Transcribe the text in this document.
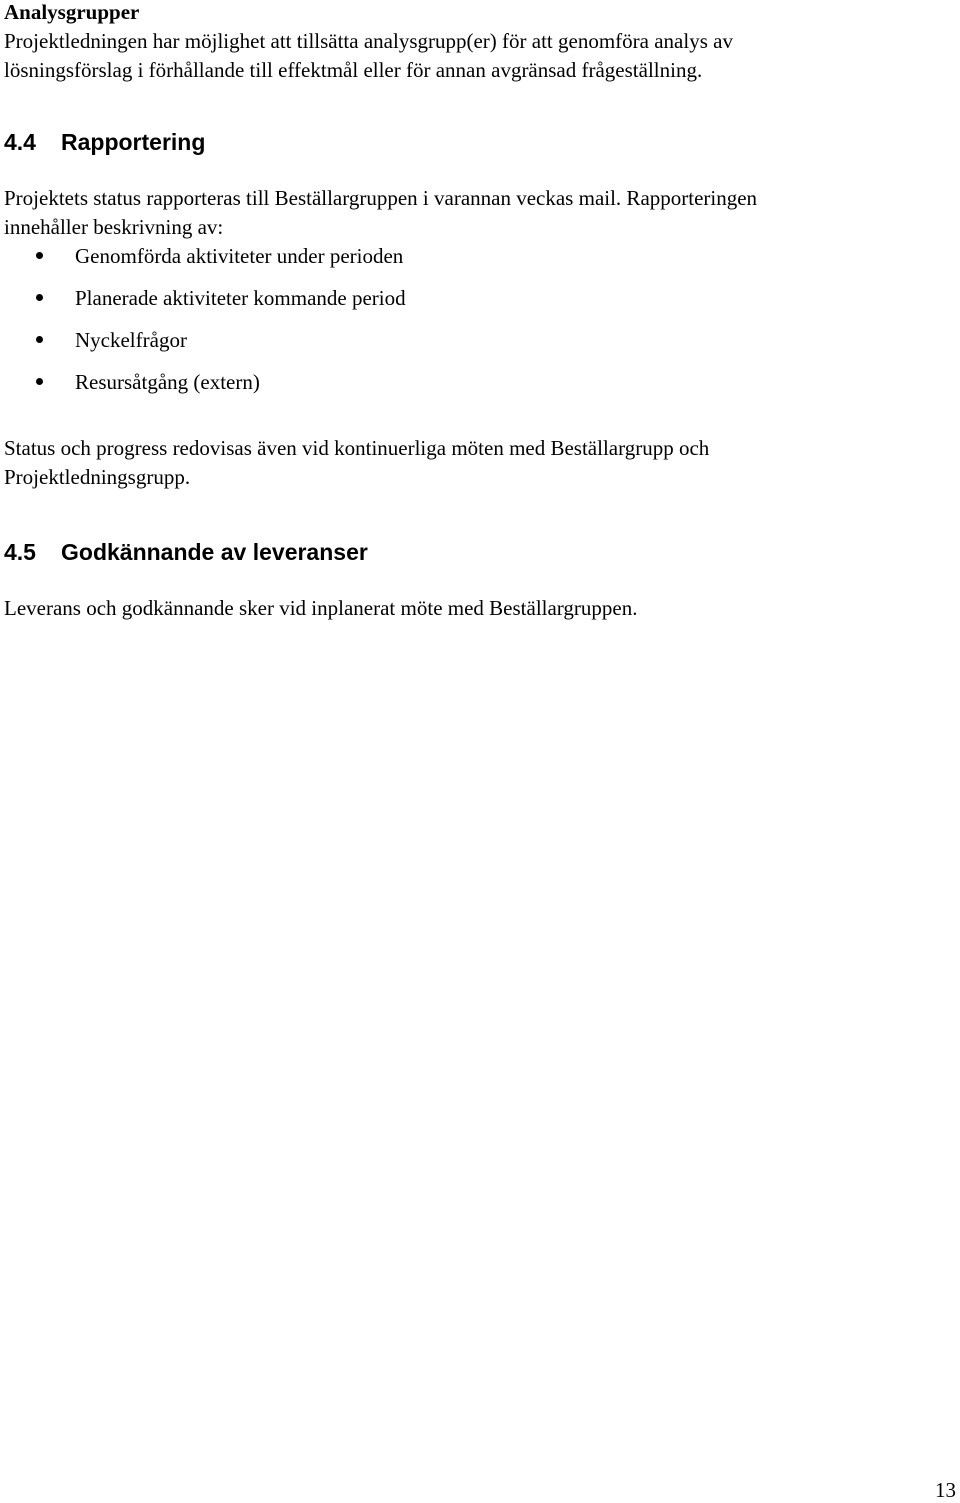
Analysgrupper

Projektledningen har möjlighet att tillsätta analysgrupp(er) för att genomföra analys av

lösningsförslag i förhållande till effektmål eller för annan avgränsad frågeställning.

4.4 Rapportering

Projektets status rapporteras till Beställargruppen i varannan veckas mail. Rapporteringen

innehåller beskrivning av:

Genomförda aktiviteter under perioden
Planerade aktiviteter kommande period
Nyckelfrågor
Resursåtgång (extern)

Status och progress redovisas även vid kontinuerliga möten med Beställargrupp och

Projektledningsgrupp.

4.5 Godkännande av leveranser

Leverans och godkännande sker vid inplanerat möte med Beställargruppen.

13
